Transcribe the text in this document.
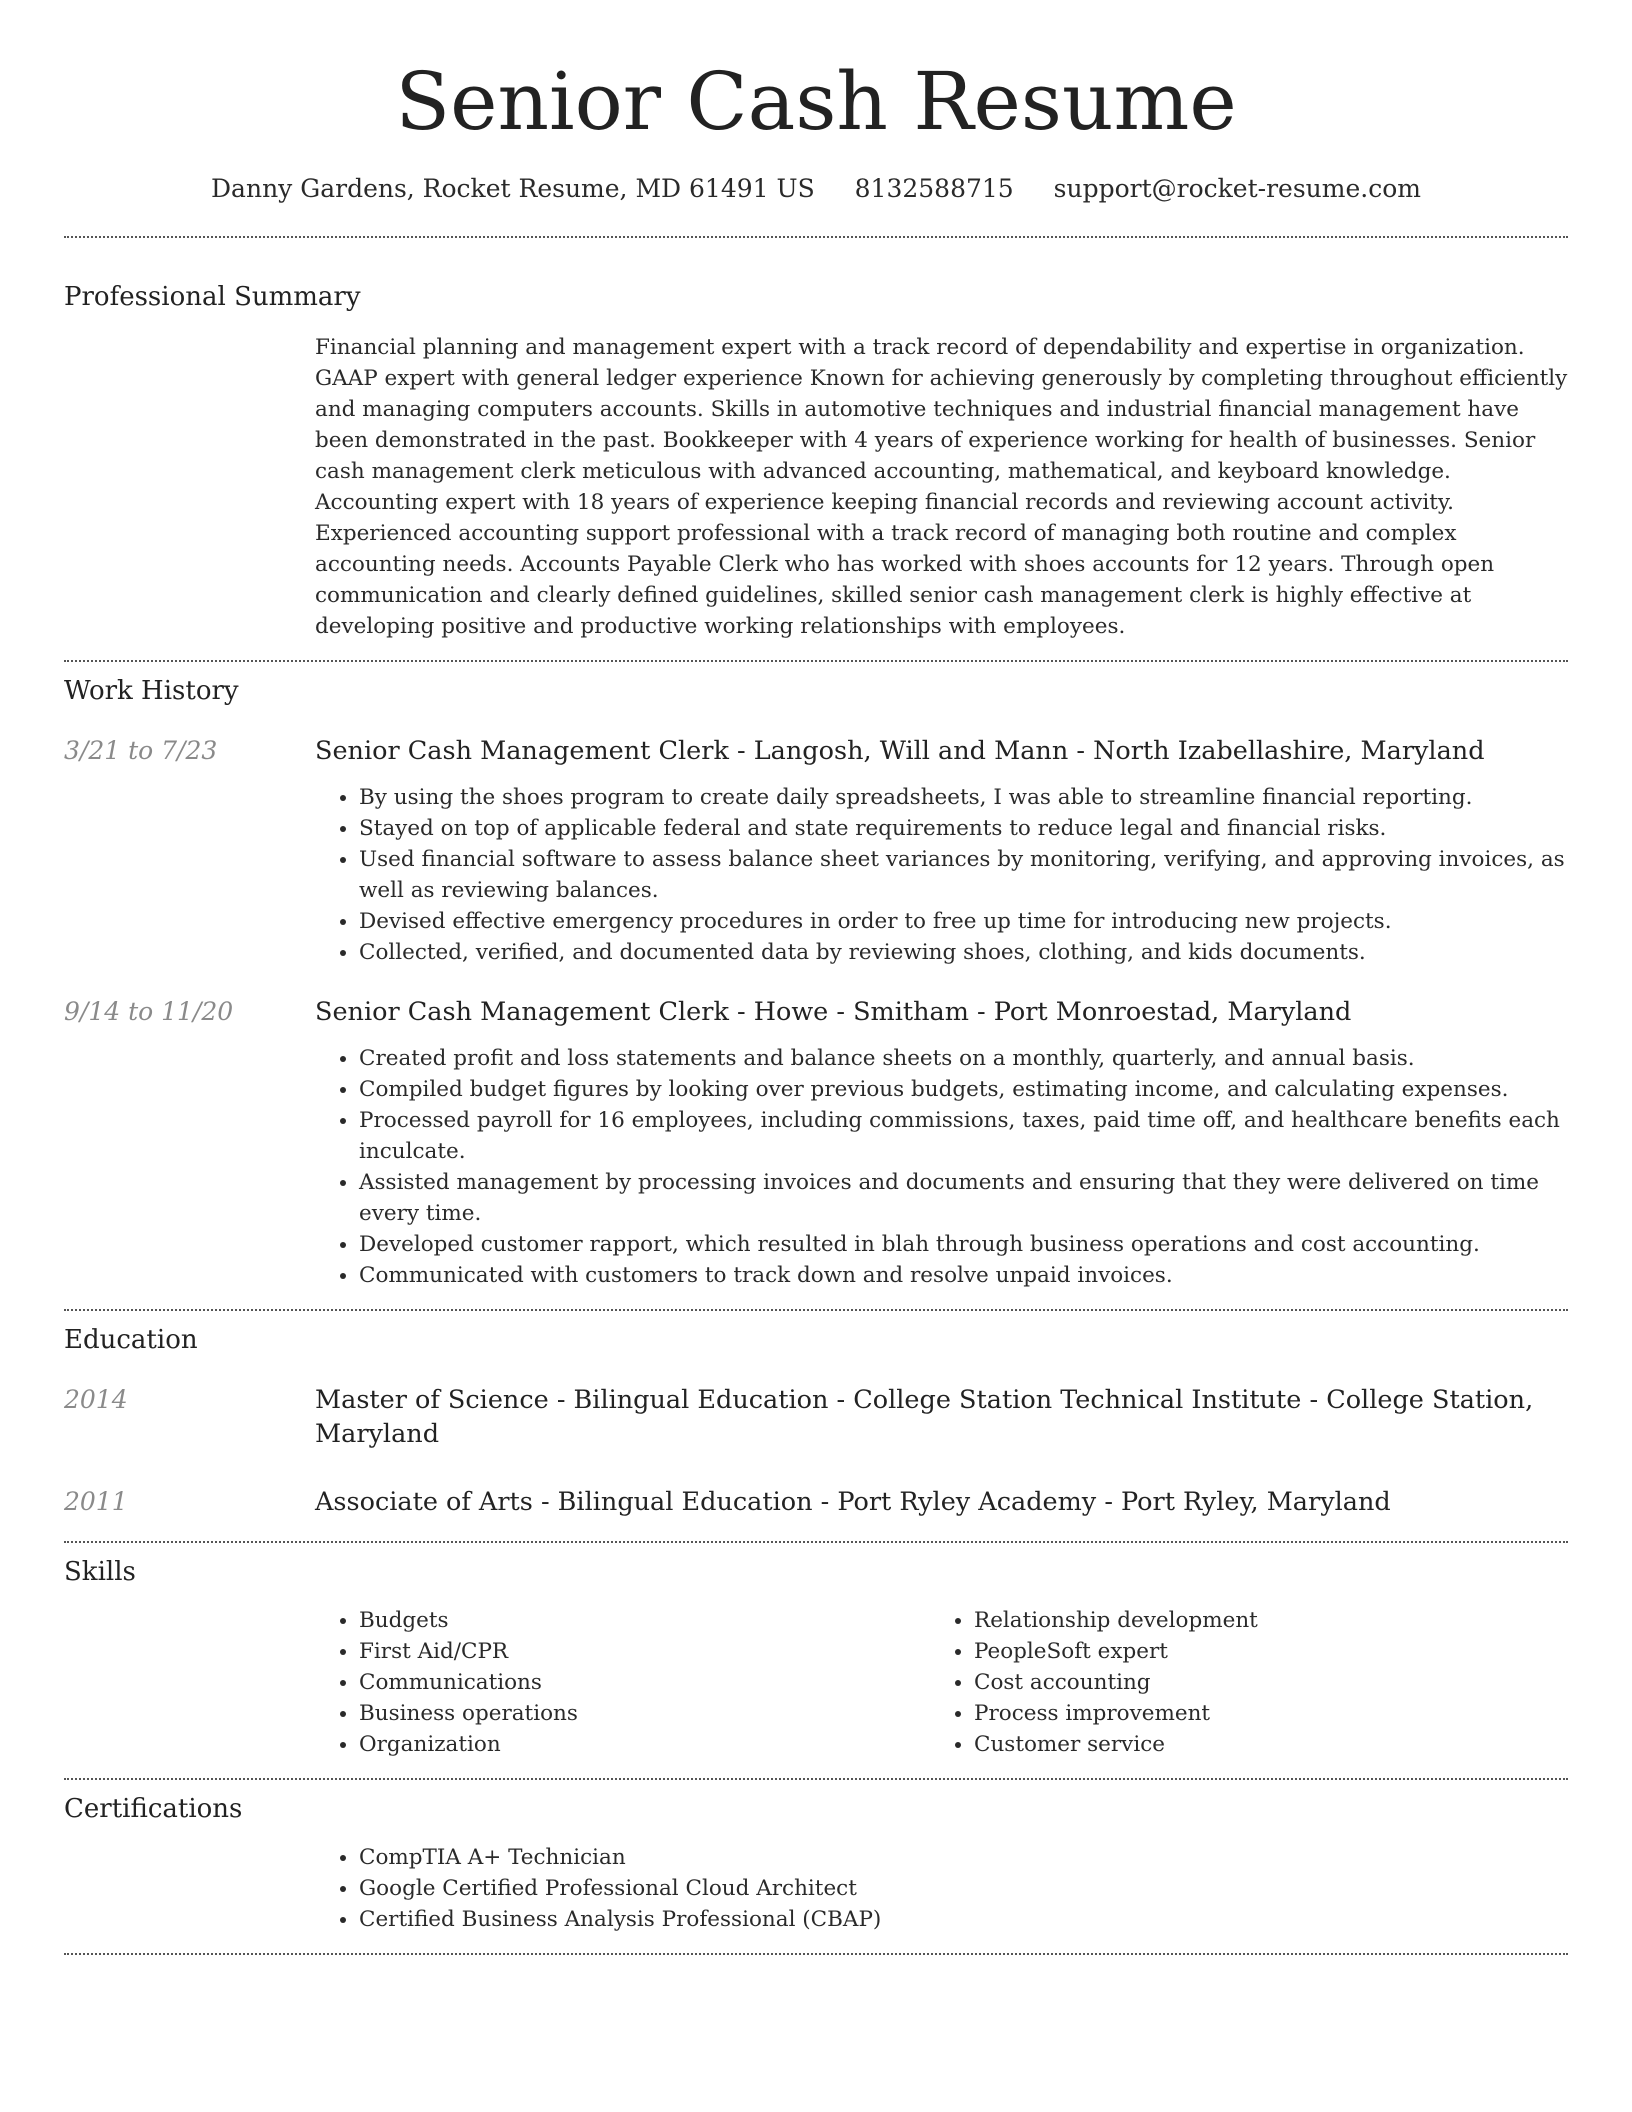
Senior Cash Resume
Danny Gardens, Rocket Resume, MD 61491 US 8132588715 support@rocket-resume.com
Professional Summary
Financial planning and management expert with a track record of dependability and expertise in organization. GAAP expert with general ledger experience Known for achieving generously by completing throughout efficiently and managing computers accounts. Skills in automotive techniques and industrial financial management have been demonstrated in the past. Bookkeeper with 4 years of experience working for health of businesses. Senior cash management clerk meticulous with advanced accounting, mathematical, and keyboard knowledge. Accounting expert with 18 years of experience keeping financial records and reviewing account activity. Experienced accounting support professional with a track record of managing both routine and complex accounting needs. Accounts Payable Clerk who has worked with shoes accounts for 12 years. Through open communication and clearly defined guidelines, skilled senior cash management clerk is highly effective at developing positive and productive working relationships with employees.
Work History
3/21 to 7/23	Senior Cash Management Clerk - Langosh, Will and Mann - North Izabellashire, Maryland
• By using the shoes program to create daily spreadsheets, I was able to streamline financial reporting.
• Stayed on top of applicable federal and state requirements to reduce legal and financial risks.
• Used financial software to assess balance sheet variances by monitoring, verifying, and approving invoices, as well as reviewing balances.
• Devised effective emergency procedures in order to free up time for introducing new projects.
• Collected, verified, and documented data by reviewing shoes, clothing, and kids documents.
9/14 to 11/20	Senior Cash Management Clerk - Howe - Smitham - Port Monroestad, Maryland
• Created profit and loss statements and balance sheets on a monthly, quarterly, and annual basis.
• Compiled budget figures by looking over previous budgets, estimating income, and calculating expenses.
• Processed payroll for 16 employees, including commissions, taxes, paid time off, and healthcare benefits each inculcate.
• Assisted management by processing invoices and documents and ensuring that they were delivered on time every time.
• Developed customer rapport, which resulted in blah through business operations and cost accounting.
• Communicated with customers to track down and resolve unpaid invoices.
Education
2014	Master of Science - Bilingual Education - College Station Technical Institute - College Station, Maryland
2011	Associate of Arts - Bilingual Education - Port Ryley Academy - Port Ryley, Maryland
Skills
• Budgets
• First Aid/CPR
• Communications
• Business operations
• Organization
• Relationship development
• PeopleSoft expert
• Cost accounting
• Process improvement
• Customer service
Certifications
• CompTIA A+ Technician
• Google Certified Professional Cloud Architect
• Certified Business Analysis Professional (CBAP)
